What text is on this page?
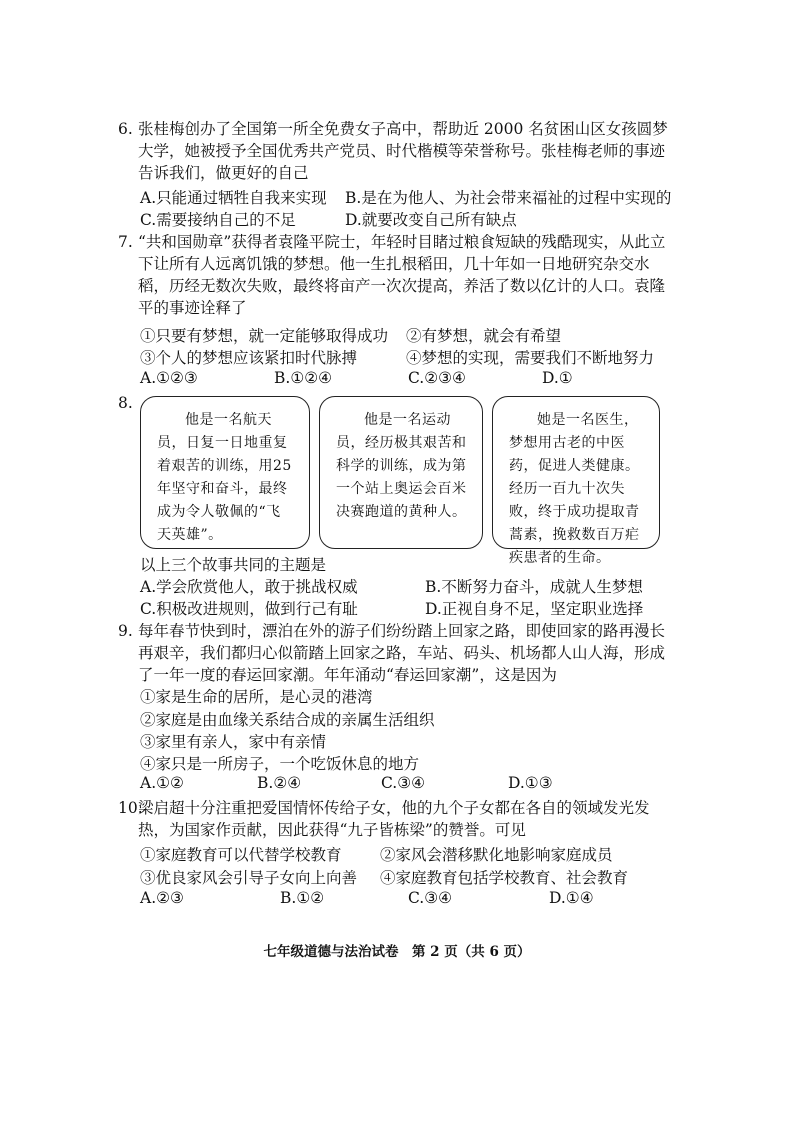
6. 张桂梅创办了全国第一所全免费女子高中，帮助近 2000 名贫困山区女孩圆梦大学，她被授予全国优秀共产党员、时代楷模等荣誉称号。张桂梅老师的事迹告诉我们，做更好的自己
A.只能通过牺牲自我来实现 B.是在为他人、为社会带来福祉的过程中实现的
C.需要接纳自己的不足	D.就要改变自己所有缺点
7. “共和国勋章”获得者袁隆平院士，年轻时目睹过粮食短缺的残酷现实，从此立下让所有人远离饥饿的梦想。他一生扎根稻田，几十年如一日地研究杂交水稻，历经无数次失败，最终将亩产一次次提高，养活了数以亿计的人口。袁隆平的事迹诠释了
①只要有梦想，就一定能够取得成功 ②有梦想，就会有希望
③个人的梦想应该紧扣时代脉搏	④梦想的实现，需要我们不断地努力
A.①②③	B.①②④	C.②③④	D.①
8.
他是一名航天员，日复一日地重复着艰苦的训练，用25年坚守和奋斗，最终成为令人敬佩的“飞天英雄”。
他是一名运动员，经历极其艰苦和科学的训练，成为第一个站上奥运会百米决赛跑道的黄种人。
她是一名医生，梦想用古老的中医药，促进人类健康。经历一百九十次失败，终于成功提取青蒿素，挽救数百万疟疾患者的生命。
以上三个故事共同的主题是
A.学会欣赏他人，敢于挑战权威	B.不断努力奋斗，成就人生梦想
C.积极改进规则，做到行己有耻	D.正视自身不足，坚定职业选择
9. 每年春节快到时，漂泊在外的游子们纷纷踏上回家之路，即使回家的路再漫长再艰辛，我们都归心似箭踏上回家之路，车站、码头、机场都人山人海，形成了一年一度的春运回家潮。年年涌动“春运回家潮”，这是因为
①家是生命的居所，是心灵的港湾
②家庭是由血缘关系结合成的亲属生活组织
③家里有亲人，家中有亲情
④家只是一所房子，一个吃饭休息的地方
A.①②	B.②④	C.③④	D.①③
10.
梁启超十分注重把爱国情怀传给子女，他的九个子女都在各自的领域发光发热，为国家作贡献，因此获得“九子皆栋梁”的赞誉。可见
①家庭教育可以代替学校教育 ②家风会潜移默化地影响家庭成员
③优良家风会引导子女向上向善 ④家庭教育包括学校教育、社会教育
A.②③	B.①②	C.③④	D.①④
七年级道德与法治试卷　第 2 页（共 6 页）
